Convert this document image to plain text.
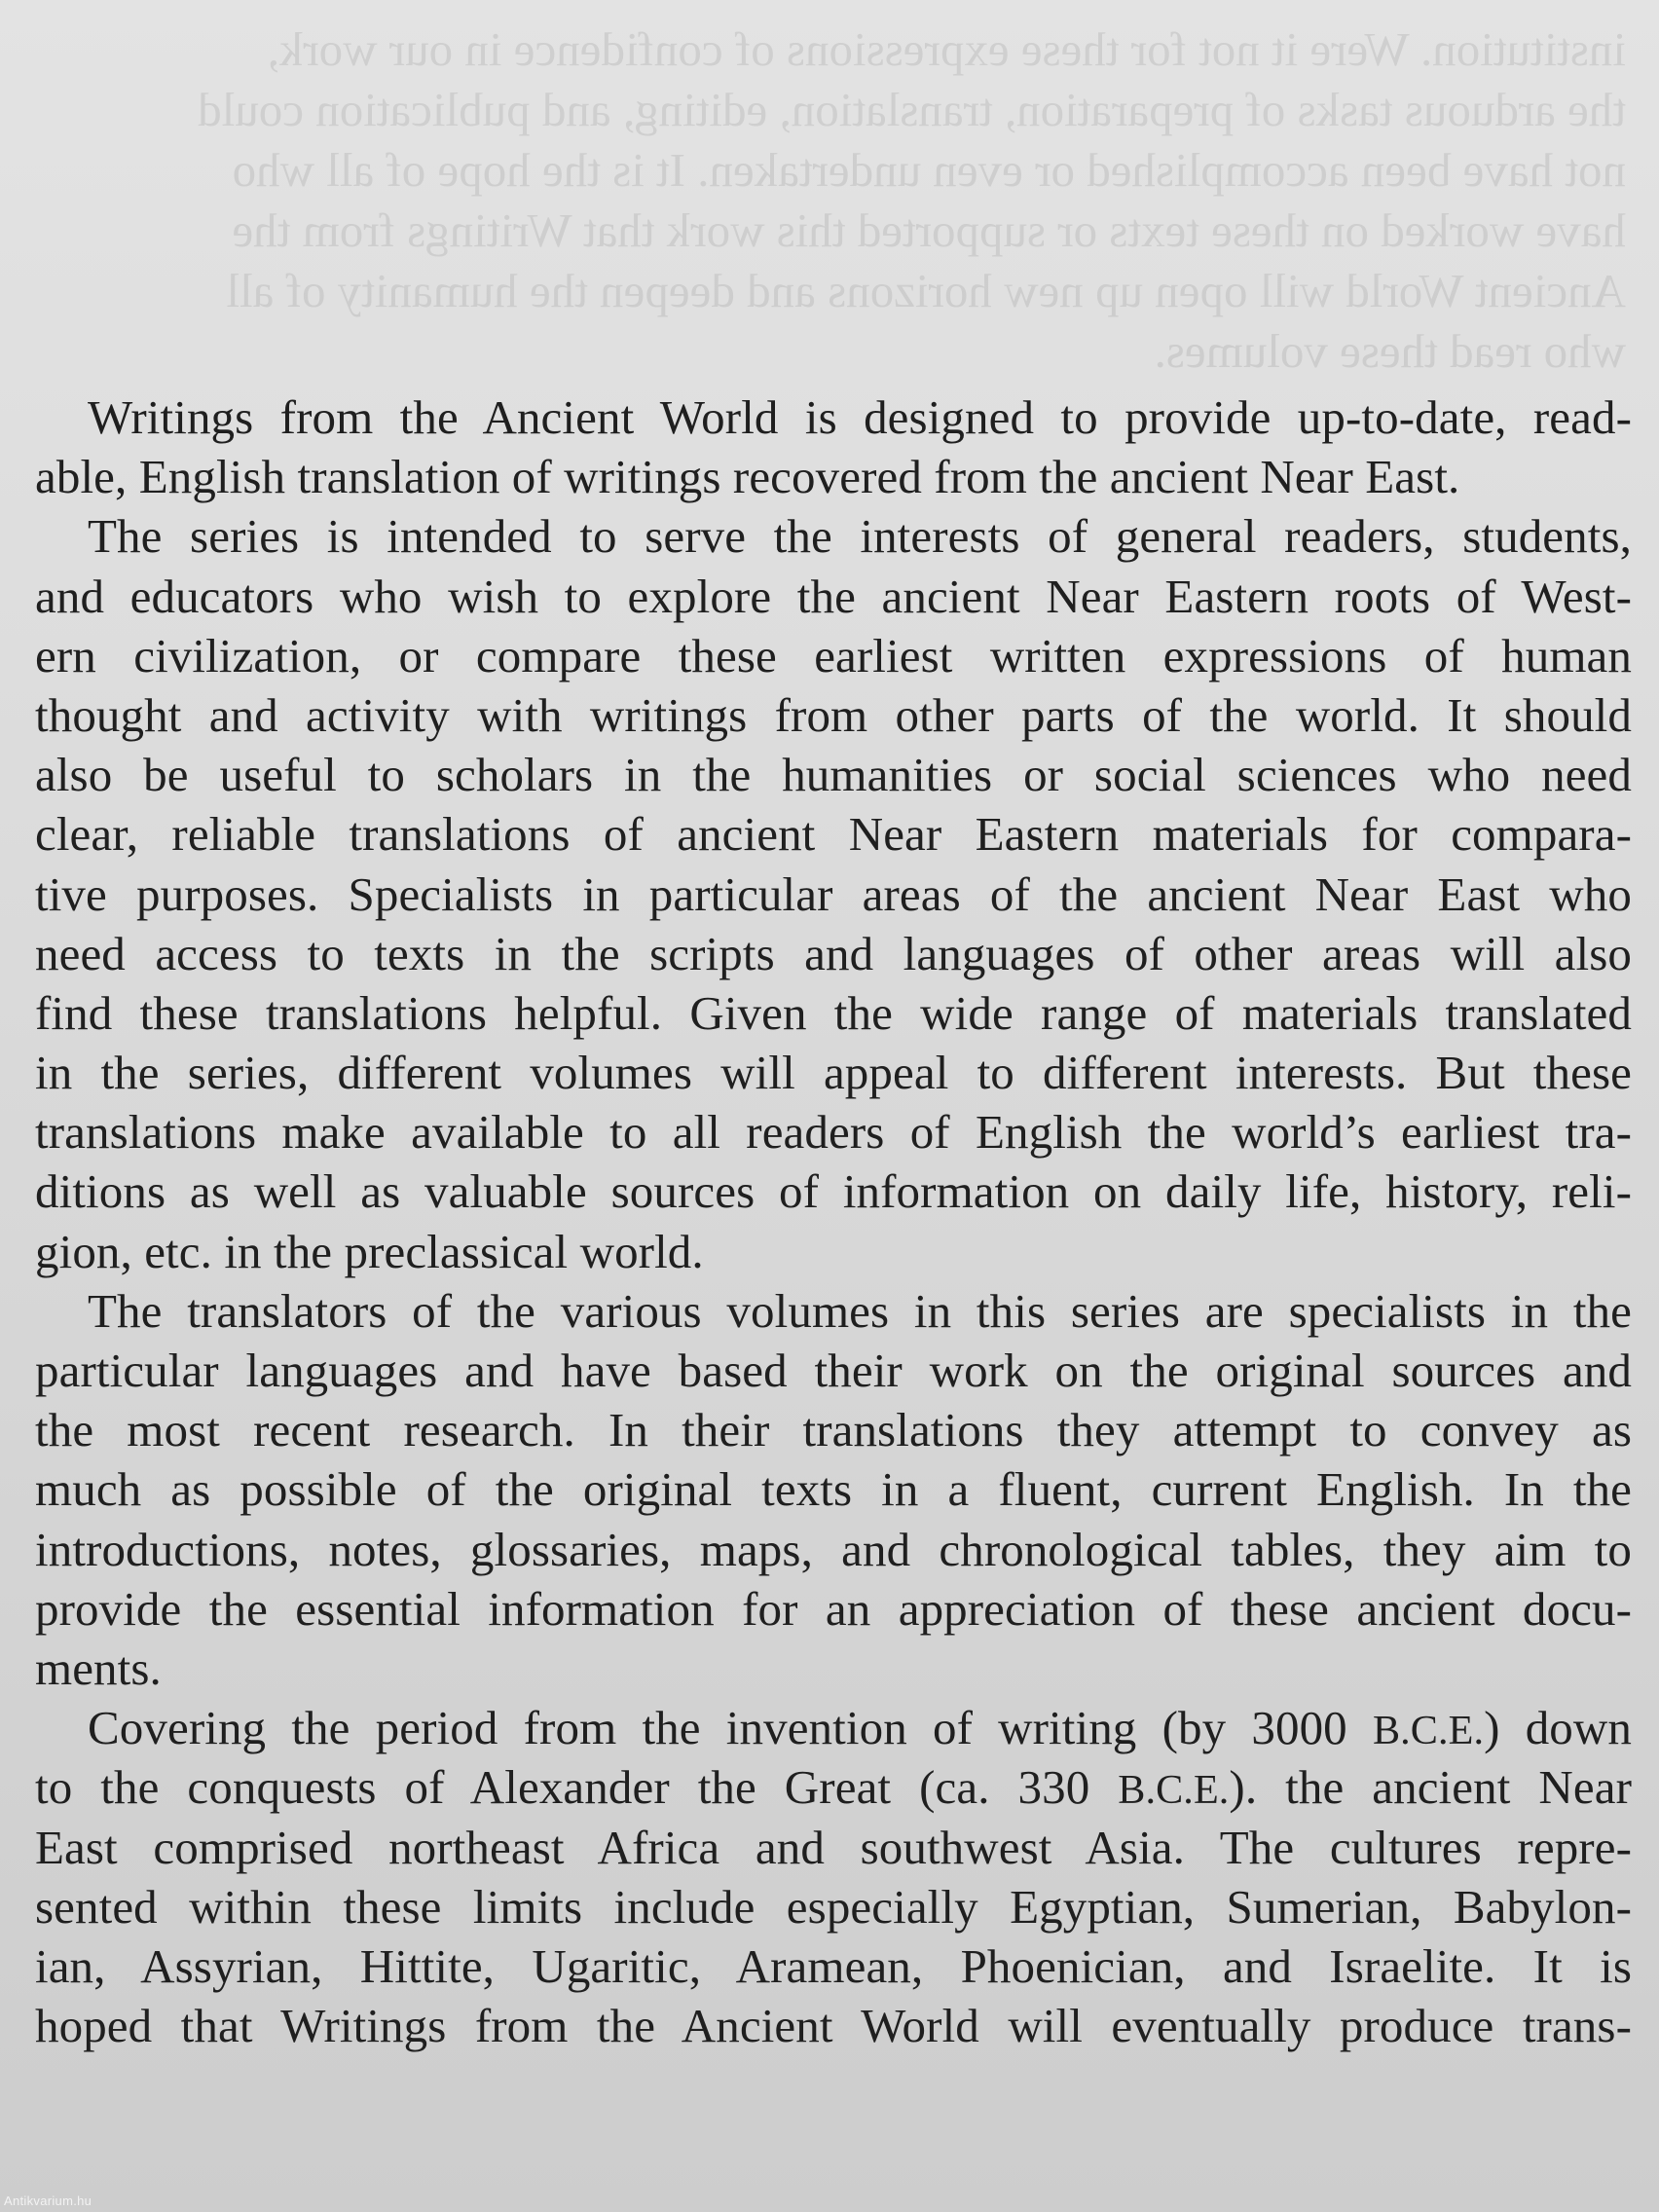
institution. Were it not for these expressions of confidence in our work,

the arduous tasks of preparation, translation, editing, and publication could

not have been accomplished or even undertaken. It is the hope of all who

have worked on these texts or supported this work that Writings from the

Ancient World will open up new horizons and deepen the humanity of all

who read these volumes.

Writings from the Ancient World is designed to provide up-to-date, read-
able, English translation of writings recovered from the ancient Near East.
The series is intended to serve the interests of general readers, students,
and educators who wish to explore the ancient Near Eastern roots of West-
ern civilization, or compare these earliest written expressions of human
thought and activity with writings from other parts of the world. It should
also be useful to scholars in the humanities or social sciences who need
clear, reliable translations of ancient Near Eastern materials for compara-
tive purposes. Specialists in particular areas of the ancient Near East who
need access to texts in the scripts and languages of other areas will also
find these translations helpful. Given the wide range of materials translated
in the series, different volumes will appeal to different interests. But these
translations make available to all readers of English the world’s earliest tra-
ditions as well as valuable sources of information on daily life, history, reli-
gion, etc. in the preclassical world.
The translators of the various volumes in this series are specialists in the
particular languages and have based their work on the original sources and
the most recent research. In their translations they attempt to convey as
much as possible of the original texts in a fluent, current English. In the
introductions, notes, glossaries, maps, and chronological tables, they aim to
provide the essential information for an appreciation of these ancient docu-
ments.
Covering the period from the invention of writing (by 3000 B.C.E.) down
to the conquests of Alexander the Great (ca. 330 B.C.E.). the ancient Near
East comprised northeast Africa and southwest Asia. The cultures repre-
sented within these limits include especially Egyptian, Sumerian, Babylon-
ian, Assyrian, Hittite, Ugaritic, Aramean, Phoenician, and Israelite. It is
hoped that Writings from the Ancient World will eventually produce trans-
Antikvarium.hu
